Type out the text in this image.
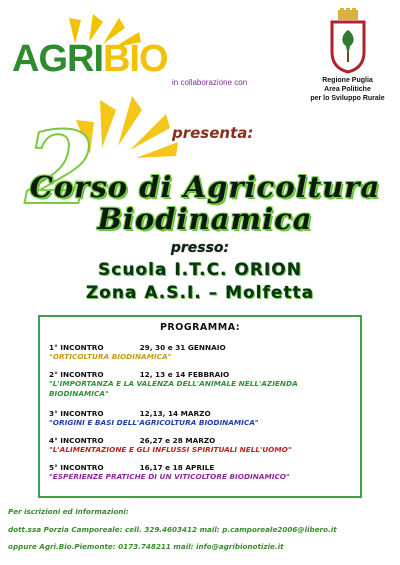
AGRIBIO
in collaborazione con	Regione Puglia
Area Politiche
per lo Sviluppo Rurale
2	presenta:
Corso di Agricoltura
Biodinamica
presso:
Scuola I.T.C. ORION
Zona A.S.I. – Molfetta
PROGRAMMA:
1° INCONTRO	29, 30 e 31 GENNAIO
"ORTICOLTURA BIODINAMICA"
2° INCONTRO	12, 13 e 14 FEBBRAIO
"L'IMPORTANZA E LA VALENZA DELL'ANIMALE NELL'AZIENDA BIODINAMICA"
3° INCONTRO	12,13, 14 MARZO
"ORIGINI E BASI DELL'AGRICOLTURA BIODINAMICA"
4° INCONTRO	26,27 e 28 MARZO
"L'ALIMENTAZIONE E GLI INFLUSSI SPIRITUALI NELL'UOMO"
5° INCONTRO	16,17 e 18 APRILE
"ESPERIENZE PRATICHE DI UN VITICOLTORE BIODINAMICO"
Per iscrizioni ed informazioni:
dott.ssa Porzia Camporeale: cell. 329.4603412 mail: p.camporeale2006@libero.it
oppure Agri.Bio.Piemonte: 0173.748211 mail: info@agribionotizie.it
